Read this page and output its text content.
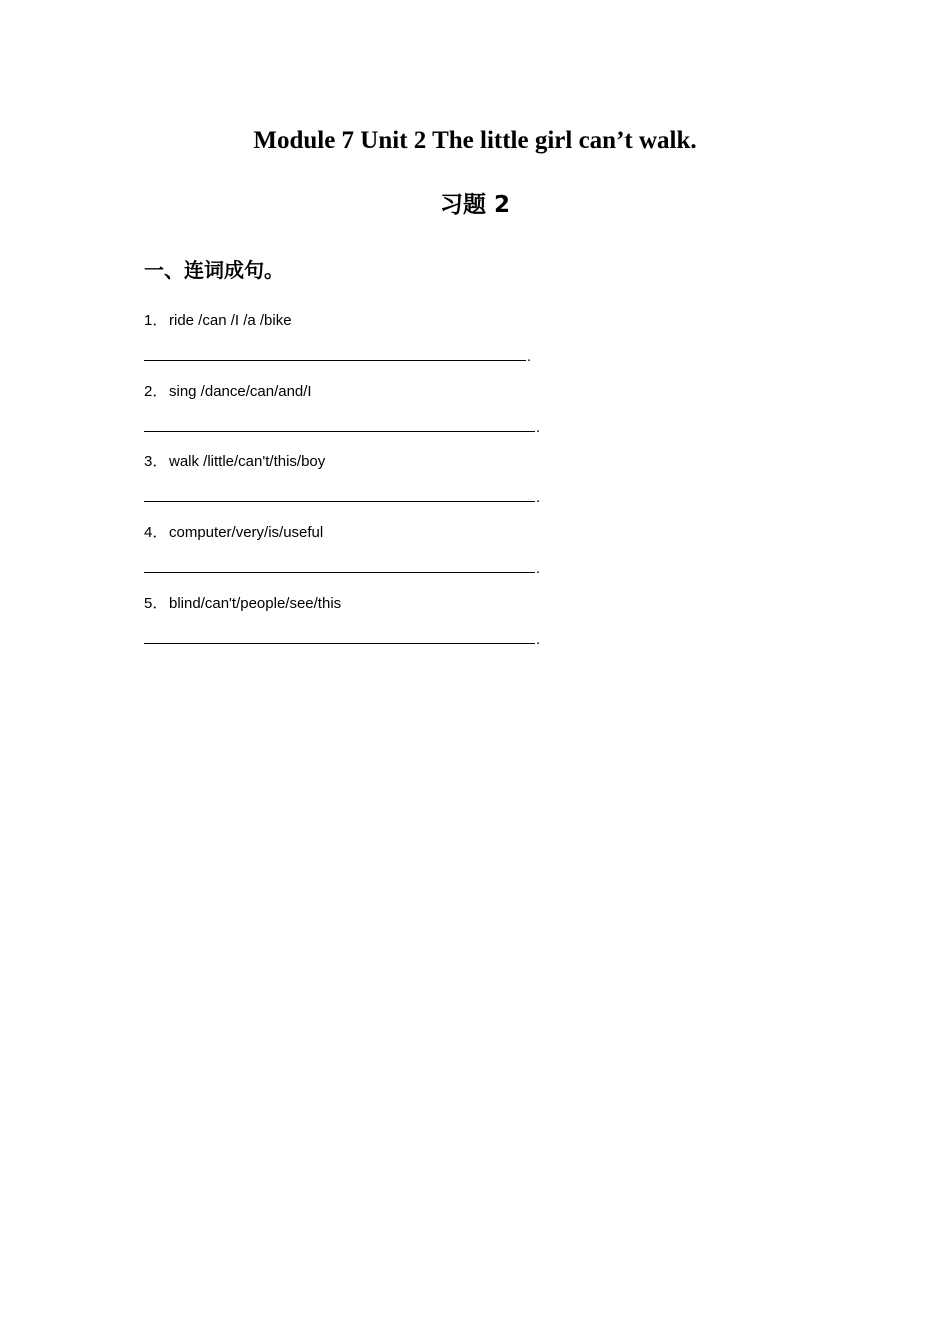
Module 7 Unit 2 The little girl can’t walk.
习题 2
一、连词成句。
1． ride /can /I /a /bike
.
2． sing /dance/can/and/I
.
3． walk /little/can't/this/boy
.
4． computer/very/is/useful
.
5． blind/can't/people/see/this
.
